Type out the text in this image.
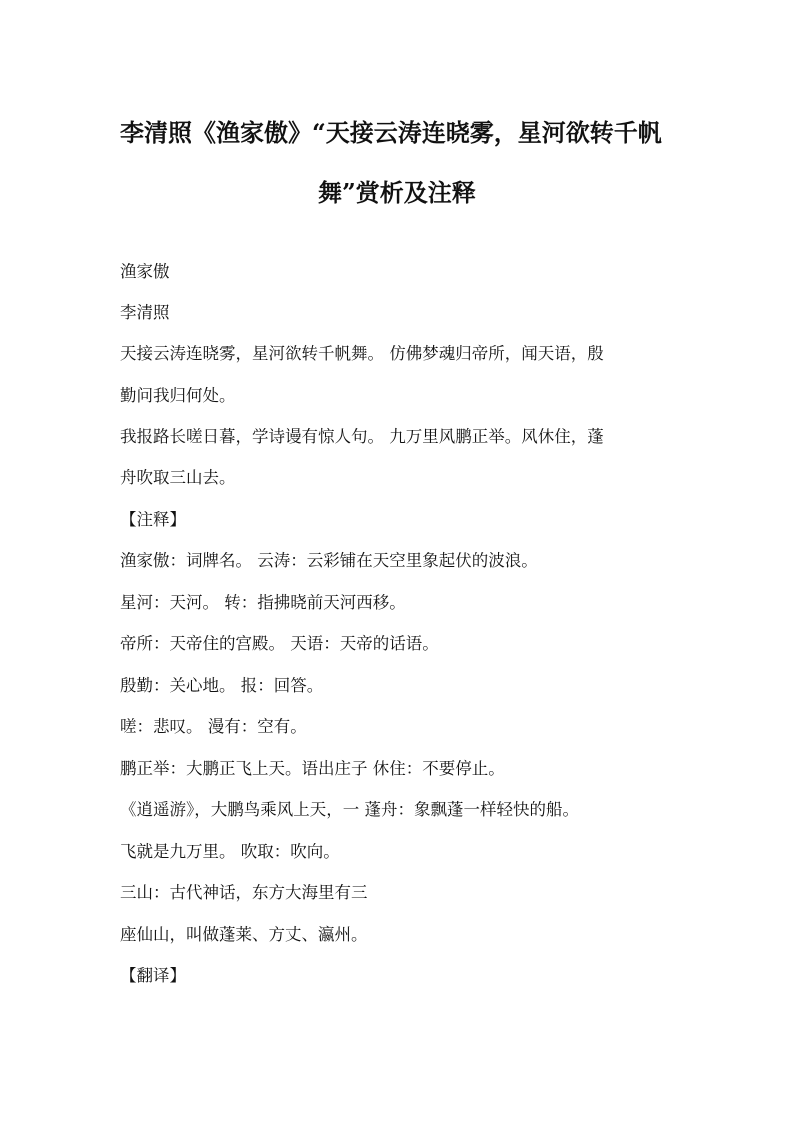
李清照《渔家傲》“天接云涛连晓雾，星河欲转千帆
舞”赏析及注释
渔家傲
李清照
天接云涛连晓雾，星河欲转千帆舞。 仿佛梦魂归帝所，闻天语，殷
勤问我归何处。
我报路长嗟日暮，学诗谩有惊人句。 九万里风鹏正举。风休住，蓬
舟吹取三山去。
【注释】
渔家傲：词牌名。 云涛：云彩铺在天空里象起伏的波浪。
星河：天河。 转：指拂晓前天河西移。
帝所：天帝住的宫殿。 天语：天帝的话语。
殷勤：关心地。 报：回答。
嗟：悲叹。 漫有：空有。
鹏正举：大鹏正飞上天。语出庄子 休住：不要停止。
《逍遥游》，大鹏鸟乘风上天，一 蓬舟：象飘蓬一样轻快的船。
飞就是九万里。 吹取：吹向。
三山：古代神话，东方大海里有三
座仙山，叫做蓬莱、方丈、瀛州。
【翻译】
